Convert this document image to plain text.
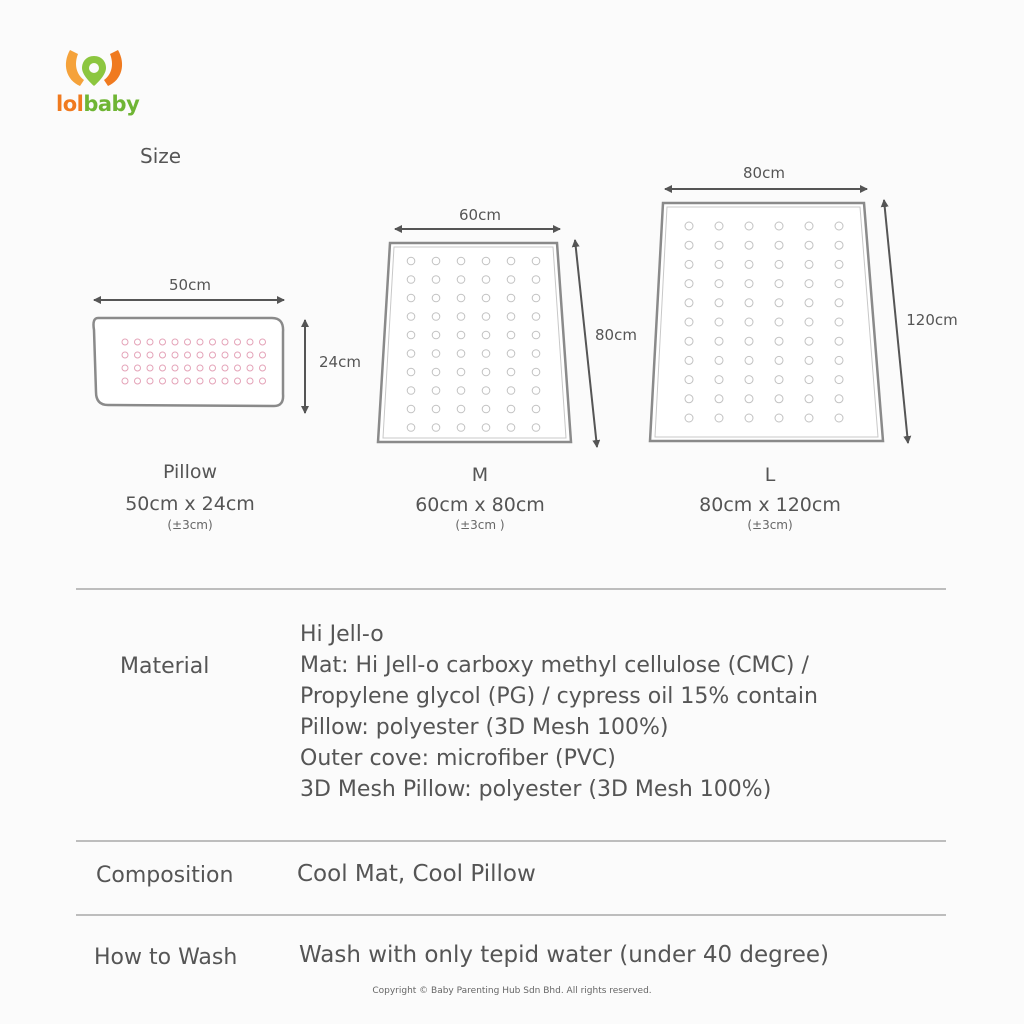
lolbaby
Size
50cm
24cm
60cm
80cm
80cm
120cm
Pillow
50cm x 24cm
(±3cm)
M
60cm x 80cm
(±3cm )
L
80cm x 120cm
(±3cm)
Material
Hi Jell-o
Mat: Hi Jell-o carboxy methyl cellulose (CMC) /
Propylene glycol (PG) / cypress oil 15% contain
Pillow: polyester (3D Mesh 100%)
Outer cove: microfiber (PVC)
3D Mesh Pillow: polyester (3D Mesh 100%)
Composition	Cool Mat, Cool Pillow
How to Wash	Wash with only tepid water (under 40 degree)
Copyright © Baby Parenting Hub Sdn Bhd. All rights reserved.
